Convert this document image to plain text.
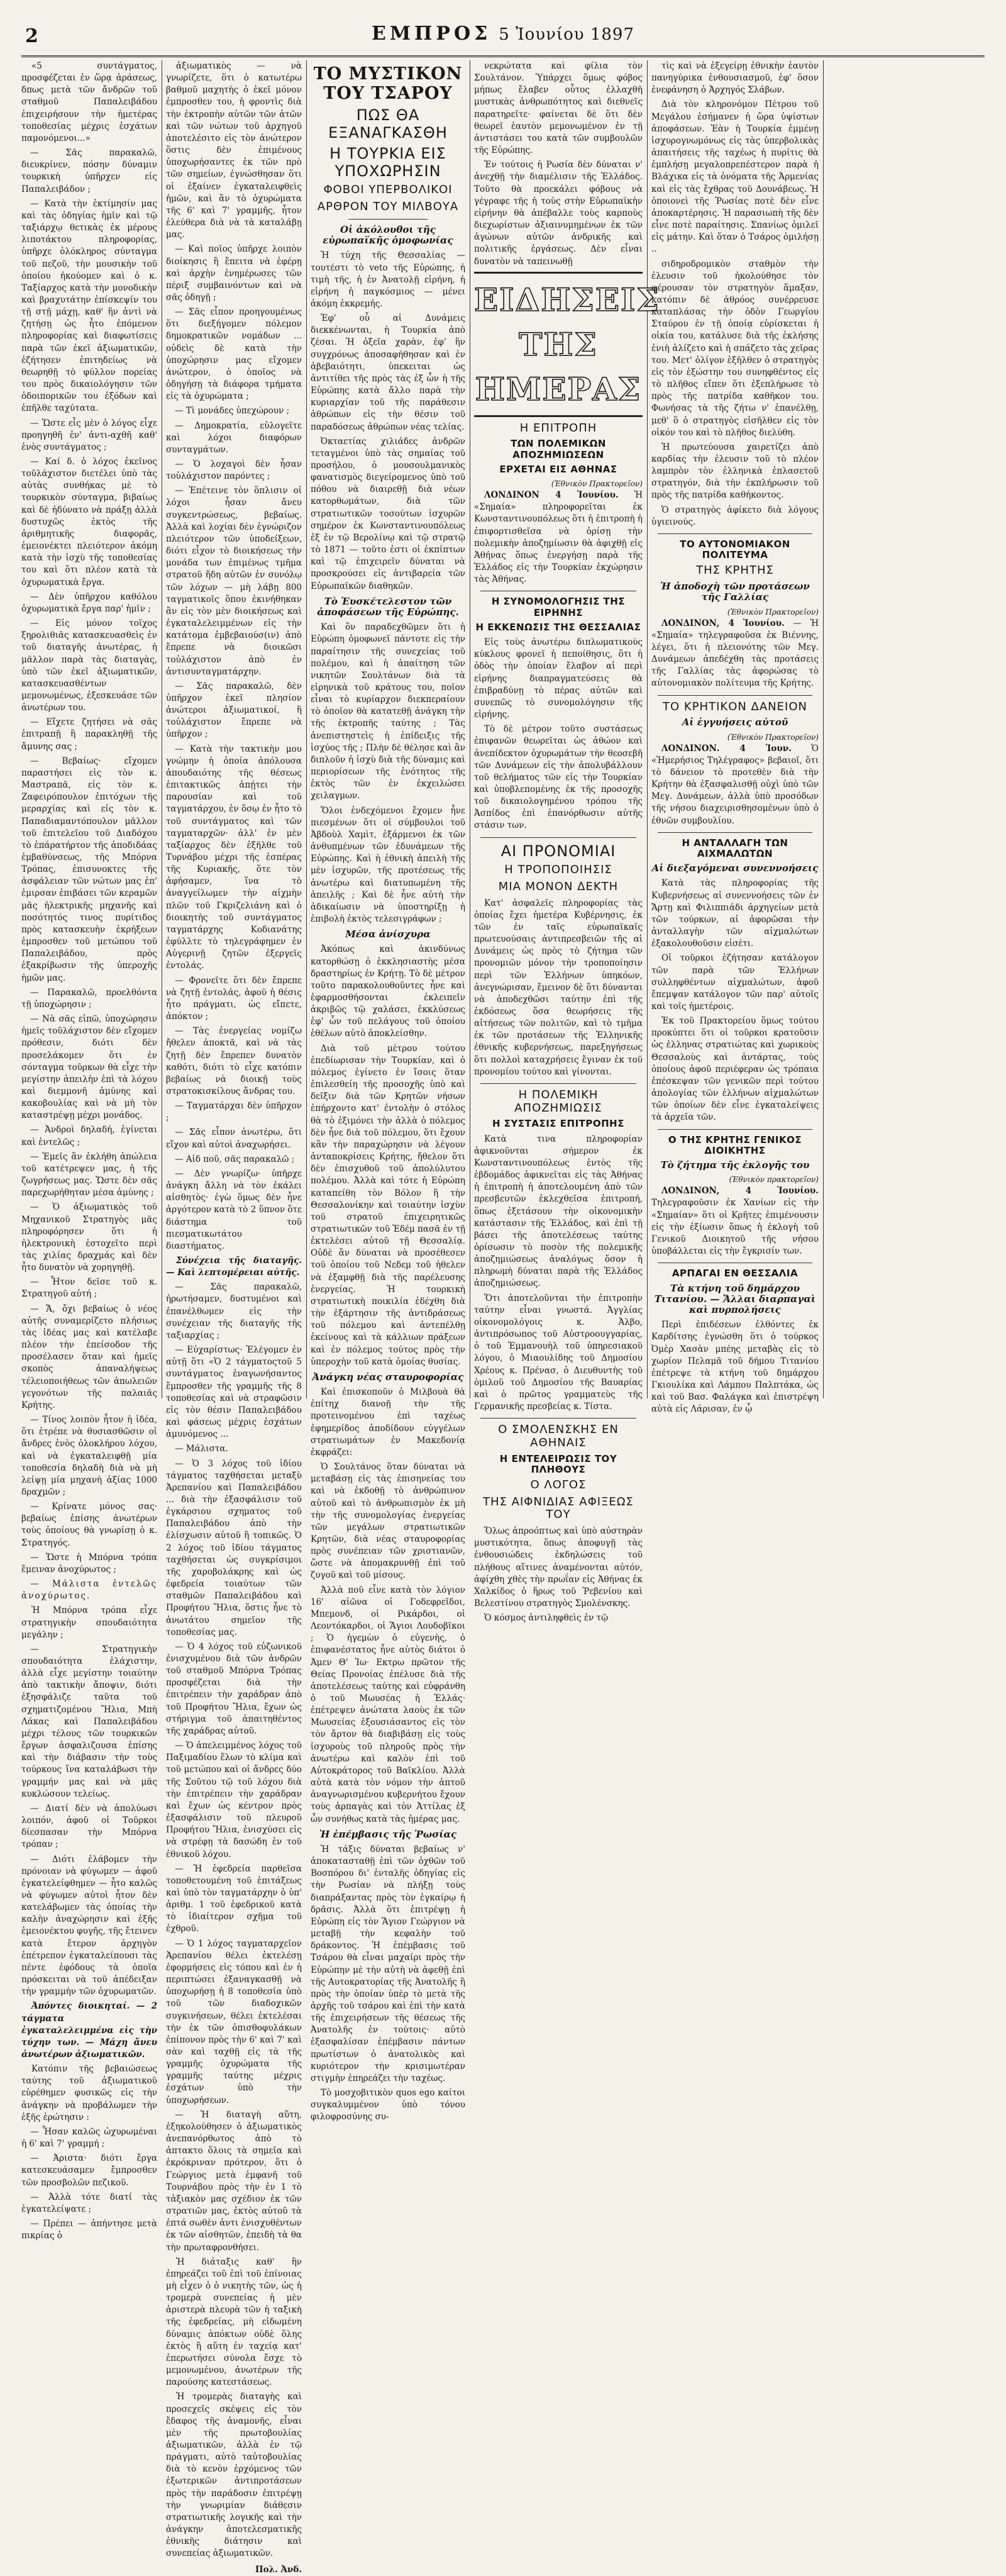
2	ΕΜΠΡΟΣ 5 Ἰουνίου 1897

«5 συντάγματος, προσφέζεται ἐν ὥρᾳ ἀράσεως, δπως μετὰ τῶν ἄνδρῶν τοῦ σταθμοῦ Παπαλειβάδου ἐπιχειρήσουν τὴν ἡμετέρας τοποθεσίας μέχρις ἐσχάτων παμονόμενοι...»

— Σᾶς παρακαλῶ, διευκρίνεν, πόσην δύναμιν τουρκικὴ ὑπῆρχεν εἰς Παπαλειβάδον ;

— Κατὰ τὴν ἐκτίμησίν μας καὶ τὰς ὁδηγίας ἡμῖν καὶ τῷ ταξιάρχῳ θετικὰς ἐκ μέρους λιποτάκτου πληροφορίας, ὑπῆρχε ὁλόκληρος σύνταγμα τοῦ πεζοῦ, τὴν μουσικὴν τοῦ ὁποίου ἠκούομεν καὶ ὁ κ. Ταξίαρχος κατὰ τὴν μονοδικὴν καὶ βραχυτάτην ἐπίσκεψίν του τῇ στῇ μάχῃ, καθ' ἣν ἀντὶ νὰ ζητήσῃ ὡς ἦτο ἐπόμενον πληροφορίας καὶ διαφωτίσεις παρὰ τῶν ἐκεῖ ἀξιωματικῶν, ἐζήτησεν ἐπιτηδείως νὰ θεωρηθῇ τὸ φύλλον πορείας του πρὸς δικαιολόγησιν τῶν ὁδοιπορικῶν του ἐξόδων καὶ ἐπῆλθε ταχύτατα.

— Ὥστε εἶς μὲν ὁ λόγος εἶχε προηγηθῆ ἐν' ἀντι-αχθῆ καθ' ἑνὸς συντάγματος ;

— Καί δ. ὁ λόχος ἐκεῖνος τοῦλάχιστον διετέλει ὑπὸ τὰς αὐτὰς συνθήκας μὲ τὸ τουρκικὸν σύνταγμα, βιβαίως καὶ δὲ ἠδύνατο νὰ πράξῃ ἀλλὰ δυστυχῶς ἐκτὸς τῆς ἀριθμητικῆς διαφορᾶς, ἐμειονέκτει πλειότερον ἀκόμη κατὰ τὴν ἰσχὺ τῆς τοποθεσίας του καὶ ὅτι πλέον κατὰ τὰ ὀχυρωματικὰ ἔργα.

— Δὲν ὑπῆρχον καθόλου ὀχυρωματικὰ ἔργα παρ' ἡμῖν ;

— Εἰς μόνον τοῖχος ξηρολιθιᾶς κατασκευασθεὶς ἐν τοῦ διαταγῆς ἀνωτέρας, ἡ μᾶλλον παρὰ τὰς διαταγὰς, ὑπὸ τῶν ἐκεῖ ἀξιωματικῶν, κατασκευασθέντων μεμονωμένως, ἐξεσκευάσε τῶν ἀνωτέρων του.

— Εἴχετε ζητήσει νὰ σᾶς ἐπιτραπῇ ἢ παρακληθῇ τῆς ἄμυνης σας ;

— Βεβαίως· εἴχομεν παραστήσει εἰς τὸν κ. Μαστραπᾶ, εἰς τὸν κ. Ζαφειρόπουλον ἐπιτόχων τῆς μεραρχίας καὶ εἰς τὸν κ. Παπαδιαμαντόπουλον μᾶλλον τοῦ ἐπιτελεῖου τοῦ Διαδόχου τὸ ἐπάρατήρτον τῆς ἀποδιδάας ἐμβαθύνσεως, τῆς Μπόρνα Τρόπας, ἐπισυνοκτες τῆς ἀσφάλειαν τῶν νώτων μας ἐπ' ἐμιρσαν ἐπιβάσει τῶν κεραμῶν μᾶς ἠλεκτρικῆς μηχανῆς καὶ ποσότητός τινος πυρίτιδος πρὸς κατασκευὴν ἐκρήξεων ἐμπροσθεν τοῦ μετώπου τοῦ Παπαλειβάδου, πρὸς ἐξακρίβωσιν τῆς ὑπεροχῆς ἡμῶν μας.

— Παρακαλῶ, προελθόντα τῇ ὑποχώρησιν ;

— Νὰ σᾶς εἰπῶ, ὑποχώρησιν ἡμεῖς τοῦλάχιστον δὲν εἴχομεν πρόθεσιν, διότι δὲν προσελάκομεν ὅτι ἐν σόνταγμα τοῦρκων θὰ εἶχε τὴν μεγίστην ἀπειλὴν ἐπὶ τὰ λόχου καὶ διεμμονῆ ἀμύνης καὶ κακοβουλίας καὶ νὰ μὴ τὸν καταστρέψῃ μέχρι μονάδος.

— Ἀνδροὶ δηλαδή, ἐγίνεται καὶ ἐντελῶς ;

— Ἐμεῖς ἂν ἐκλήθη ἀπώλεια τοῦ κατέτρεψεν μας, ἡ τῆς ζωγρήσεως μας. Ὥστε δὲν σᾶς παρεχωρήθηταν μέσα ἀμύνης ;

— Ὁ ἀξιωματικὸς τοῦ Μηχανικοῦ Στρατηγὸς μᾶς πληροφόρησεν ὅτι ἡ ἠλεκτρονικὴ ἐστοχεῖτο περὶ τὰς χιλίας δραχμάς καὶ δὲν ἦτο δυνατὸν νὰ χορηγηθῇ.

— Ἦτον δεῖσε τοῦ κ. Στρατηγοῦ αὐτή ;

— Ἄ, ὄχι βεβαίως ὁ νέος αὐτῆς συναμερίζετο πλήσιως τὰς ἰδέας μας καὶ κατέλαβε πλέον τὴν ἐπείσοδον τῆς προσέλασεν ὅταν καὶ ἡμεῖς σκοπὸς ἀπαναλήψεως τέλειοποιήθεως τῶν ἀπωλειῶν γεγονότων τῆς παλαιᾶς Κρήτης.

— Τίνος λοιπὸν ἦτον ἡ ἰδέα, ὅτι ἐτρέπε νὰ θυσιασθῶσιν οἱ ἄνδρες ἐνὸς ὁλοκλήρου λόχου, καὶ νὰ ἐγκαταλειφθῇ μία τοποθεσία δηλαδὴ διὰ νὰ μὴ λείψῃ μία μηχανὴ ἀξίας 1000 δραχμῶν ;

— Κρίνατε μόνος σας· βεβαίως ἐπίσης ἀνωτέρων τοὺς ὁποίους θὰ γνωρίσῃ ὁ κ. Στρατηγός.

— Ὥστε ἡ Μπόρνα τρόπα ἔμειναν ἀνοχύρωτος ;

— Μάλιστα ἐντελῶς ἀνοχύρωτος.

Ἡ Μπόρνα τρόπα εἶχε στρατηγικὴν σπουδαιότητα μεγάλην ;

— Στρατηγικὴν σπουδαιότητα ἐλάχιστην, ἀλλὰ εἶχε μεγίστην τοιαύτην ἀπὸ τακτικὴν ἄποψιν, διότι ἐξησφάλιζε ταῦτα τοῦ σχηματιζομένου Ἤλια, Μπὴ Λάκας καὶ Παπαλειβάδου μέχρι τέλους τῶν τουρκικῶν ἔργων ἀσφαλιζουσα ἐπίσης καὶ τὴν διάβασιν τὴν τοὺς τούρκους ἵνα καταλάβωσι τὴν γραμμήν μας καὶ νὰ μᾶς κυκλώσουν τελείως.

— Διατί δὲν νὰ ἀπολύωσι λοιπόν, ἀφοῦ οἱ Τοῦρκοι δίεσπασαν τὴν Μπόρνα τρόπαν ;

— Διότι ἐλάβομεν τὴν πρόνοιαν νὰ φύγωμεν — ἀφοῦ ἐγκατελείφθημεν — ἦτο καλῶς νὰ φύγωμεν αὐτοὶ ἦτον δὲν κατελάβωμεν τὰς ὁποίας τὴν καλὴν ἀναχώρησιν καὶ ἐξῆς ἐμειονέκτου φυγῆς, τῆς ἔτεινεν κατὰ ἔτερον ἀρχηγὸν ἐπέτρεπον ἐγκαταλείπουσι τὰς πέντε ἐφόδους τὰ ὁποῖα πρόσκειται νὰ τοῦ ἀπέδειξαν τὴν γραμμὴν τῶν ὁχυρωματῶν.

Ἀπόντες διοικηταί. — 2 τάγματα ἐγκαταλελειμμένα εἰς τὴν τύχην των. — Μάχη ἄνευ ἀνωτέρων ἀξιωματικῶν.

Κατόπιν τῆς βεβαιώσεως ταύτης τοῦ ἀξιωματικοῦ εὑρέθημεν φυσικῶς εἰς τὴν ἀνάγκην νὰ προβάλωμεν τὴν ἑξῆς ἐρώτησιν :

— Ἦσαν καλῶς ὠχυρωμέναι ἡ 6' καὶ 7' γραμμή ;

— Ἀριστα· διότι ἔργα κατεσκευάσαμεν ἔμπροσθεν τῶν προσβολῶν πεζικοῦ.

— Ἀλλὰ τότε διατί τὰς ἐγκατελείψατε ;

— Πρέπει — ἀπήντησε μετὰ πικρίας ὁ

ἀξιωματικὸς — νὰ γνωρίζετε, ὅτι ὁ κατωτέρω βαθμοῦ μαχητὴς ὁ ἐκεῖ μόνον ἐμπροσθεν του, ἡ φροντὶς διὰ τὴν ἐκτροπὴν αὐτῶν τῶν ἀτῶν καὶ τῶν νώτων τοῦ ἀρχηγοῦ ἀποτελέσιτο εἰς τὸν ἀνώτερον ὅστις δὲν ἐπιμένους ὑποχωρήσαντες ἐκ τῶν πρὸ τῶν σημείων, ἐγνώσθησαν ὅτι οἱ ἐξαίνεν ἐγκαταλειφθεὶς ἡμῶν, καὶ ἂν τὸ ὀχυρώματα τῆς 6' καὶ 7' γραμμῆς, ἦτον ἐλεύθερα διὰ νὰ τὰ καταλάβῃ μας.

— Καὶ ποῖος ὑπῆρχε λοιπὸν διοίκησις ἢ ἔπειτα νὰ ἐφέρῃ καὶ ἀρχὴν ἐνημέρωσες τῶν πέριξ συμβαινόντων καὶ νὰ σᾶς ὁδηγῇ ;

— Σᾶς εἶπον προηγουμένως ὅτι διεξήγομεν πόλεμον δημοκρατικῶν νομάδων ... οὐδεὶς δὲ κατὰ τὴν ὑποχώρησιν μας εἴχομεν ἀνώτερον, ὁ ὁποῖος νὰ ὁδηγήσῃ τὰ διάφορα τμήματα εἰς τὰ ὀχυρώματα ;

— Τὶ μονάδες ὑπεχώρουν ;

— Δημοκρατία, εὐλογεῖτε καὶ λόχοι διαφόρων συνταγμάτων.

— Ὁ λοχαγοὶ δὲν ἦσαν τοὐλάχιστον παρόντες ;

— Ἐπέτεινε τὸν ὅπλισιν οἱ λόχοι ἦσαν ἄνευ συγκεντρώσεως, βεβαίως. Ἀλλὰ καὶ λοχίαι δὲν ἐγνώριζον πλειότερον τῶν ὑποδείξεων, διότι εἶχον τὸ διοικήσεως τὴν μονάδα των ἐπιμένως τμῆμα στρατοῦ ἤδη αὐτῶν ἐν συνόλῳ τῶν λόχων — μὴ λάβῃ 800 ταγματικοῖς ὅπου ἐκινήθηκαν ἂν εἰς τὸν μὲν διοικήσεως καὶ ἐγκαταλελειμμένων εἰς τὴν κατάτομα ἐμβεβαιούσ(ιν) ἀπὸ ἔπρεπε νὰ διοικῶσι τοὐλάχιστον ἀπὸ ἐν ἀντισυνταγματάρχην.

— Σᾶς παρακαλῶ, δὲν ὑπῆρχον ἐκεῖ πλησίον ἀνώτεροι ἀξιωματικοί, ἢ τοὐλάχιστον ἔπρεπε νὰ ὑπῆρχον ;

— Κατὰ τὴν τακτικὴν μου γνώμην ἡ ὁποία ἀπόλουσα ἀπουδαιότης τῆς θέσεως ἐπιτακτικῶς ἀπῄτει τὴν παρουσίαν καὶ τοῦ ταγματάρχου, ἐν ὅσῳ ἐν ἦτο τὸ τοῦ συντάγματος καὶ τῶν ταγματαρχῶν· ἀλλ' ἐν μὲν ταξίαρχος δὲν ἐξῆλθε τοῦ Τυρνάβου μέχρι τῆς ἑσπέρας τῆς Κυριακῆς, ὅτε τὸν ἀφήσαμεν, ἵνα τὸ ἀναγγείλωμεν τὴν αἰχμὴν πλῶν τοῦ Γκριζελιάνη καὶ ὁ διοικητὴς τοῦ συντάγματος ταγματάρχης Κοδιανάτης ἐφύλλτε τὸ τηλεγράφημεν ἐν Αὐγερινῇ ζητῶν ἐξεργεῖς ἐντολάς.

— Φρονεῖτε ὅτι δὲν ἔπρεπε νὰ ζητῇ ἐντολάς, ἀφοῦ ἡ θέσις ἦτο πράγματι, ὡς εἴπετε, ἀπόκτον ;

— Τὰς ἐνεργείας νομίζω ἤθελεν ἀποκτᾶ, καὶ νὰ τὰς ζητῇ δὲν ἔπρεπεν δυνατὸν καθότι, διότι τὸ εἶχε κατόπιν βεβαίως νὰ διοικῇ τοὺς στρατοκισκίλους ἄνδρας του.

— Ταγματάρχαι δὲν ὑπῆρχον ;

— Σᾶς εἶπον ἀνωτέρω, ὅτι εἴχον καὶ αὐτοὶ ἀναχωρήσει.

— Αἰδ ποῦ, σᾶς παρακαλῶ ;

— Δὲν γνωρίζω· ὑπῆρχε ἀνάγκη ἄλλη νὰ τὸν ἐκάλει αἰσθητὸς· ἐγὼ ὅμως δὲν ἦνε ἀργότερον κατὰ τὸ 2 ὕπνον ὅτε διάστημα τοῦ πιεσματικωτάτου διαστήματος.

Σύνέχεια τῆς διαταγῆς. — Καὶ λεπτομέρειαι αὐτῆς.

— Σᾶς παρακαλῶ, ἠρωτήσαμεν, δυστυμένοι καὶ ἐπανέλθωμεν εἰς τὴν συνέχειαν τῆς διαταγῆς τῆς ταξιαρχίας ;

— Εὐχαρίστως· Ἐλέγομεν ἐν αὐτῇ ὅτι «Ὁ 2 τάγματοςτοῦ 5 συντάγματος ἐναγωνήσαντος ἔμπροσθεν τῆς γραμμῆς τῆς 8 τοποθεσίας καὶ νὰ στραφῶσιν εἰς τὸν θέσιν Παπαλειβάδου καὶ φάσεως μέχρις ἐσχάτων ἀμυνόμενος ...

— Μάλιστα.

— Ὁ 3 λόχος τοῦ ἰδίου τάγματος ταχθήσεται μεταξὺ Ἀρεπανίου καὶ Παπαλειβάδου ... διὰ τὴν ἐξασφάλισιν τοῦ ἐγκάρσιου σχηματος τοῦ Παπαλειβάδου ἀπὸ τὴν ἐλίσχωσιν αὐτοῦ ἢ τοπικῶς. Ὁ 2 λόχος τοῦ ἰδίου τάγματος ταχθήσεται ὡς συγκρίσιμοι τῆς χαροβολάκρης καὶ ὡς ἐφεδρεία τοιαύτων τῶν σταθμῶν Παπαλειβάδου καὶ Προφήτου Ἤλια, ὅστις ἦνε τὸ ἀνωτάτου σημεῖον τῆς τοποθεσίας μας.

— Ὁ 4 λόχος τοῦ εὐζωνικοῦ ἐνισχυμένου διὰ τῶν ἀνδρῶν τοῦ σταθμοῦ Μπόρνα Τρόπας προσφέζεται διὰ τὴν ἐπιτρέπειν τὴν χαράδραν ἀπὸ τοῦ Προφήτου Ἤλια, ἔχων ὡς στήριγμα τοῦ ἀπαιτηθέντος τῆς χαράδρας αὐτοῦ.

— Ὁ ἀπελειμμένος λόχος τοῦ Παξιμαδίου ἕλων τὸ κλίμα καὶ τοῦ μετώπου καὶ οἱ ἄνδρες δύο τῆς Σοῦτου τῷ τοῦ λόχου διὰ τὴν ἐπιτρέπειν τὴν χαράδραν καὶ ἔχων ὡς κέντρον πρὸς ἐξασφάλισιν τοῦ πλευροῦ Προφήτου Ἤλια, ἐνισχύσει εἰς νὰ στρέφῃ τὰ δασώδη ἐν τοῦ ἐθνικοῦ λόχου.

— Ἡ ἐφεδρεία παρθεῖσα τοποθετουμένη τοῦ ἐπιτάξεως καὶ ὑπὸ τὸν ταγματάρχην ὁ ὑπ' ἀριθμ. 1 τοῦ ἐφεδρικοῦ κατὰ τὸ ἰδιαίτερον σχῆμα τοῦ ἐχθροῦ.

— Ὁ 1 λόχος ταγματαρχεῖον Ἀρεπανίου θέλει ἐκτελέσῃ ἐφορμήσεις εἰς τόπου καὶ ἐν ἡ περιπτώσει ἐξαναγκασθῇ νὰ ὑποχωρήσῃ ἡ 8 τοποθεσία ὑπὸ τοῦ τῶν διαδοχικῶν συγκινήσεων, θέλει ἐκτελέσαι τὴν ἐκ τῶν ὀπισθοφυλάκων ἐπίπονον πρὸς τὴν 6' καὶ 7' καὶ σὰν καὶ ταχθῇ εἰς τὰ τῆς γραμμῆς ὀχυρώματα τῆς γραμμῆς ταύτης μέχρις ἐσχάτων ὑπὸ τὴν ὑποχωρήσεων.

— Ἡ διαταγὴ αὕτη, ἐξηκολούθησεν ὁ ἀξιωματικὸς ἀνεπανόρθωτος ἀπὸ τὸ ἀπτακτο ὅλοις τὰ σημεῖα καὶ ἐκρόκριναν πρότερον, ὅτι ὁ Γεώργιος μετὰ ἐμφανῆ τοῦ Τουρνάβου πρὸς τὴν ἐν 1 τὸ τἀξιακὸν μας σχέδιον ἐκ τῶν στρατιῶν μας, ἐκτὸς αὐτοῦ τὰ ἐπτά σωθὲν ἀντι ἐνισχυθέντων ἐκ τῶν αἰσθητῶν, ἐπειδὴ τὰ θα τὴν πρωταφρονθήσει.

Ἡ διάταξις καθ' ἢν ἐπηρεάζει τοῦ ἐπὶ τοῦ ἐπίνοιας μὴ εἶχεν ὁ ὁ νικητὴς τῶν, ὡς ἡ τρομερὰ συνεπείας ἡ μὲν ἀριστερὰ πλευρὰ τῶν ἡ ταξικὴ τῆς ἐφεδρείας, μὴ εἰδωμένη δύναμις ἀπόκτων οὐδὲ ὅλης ἐκτὸς ἢ αὕτη ἐν ταχείᾳ κατ' ἐπερωτήσει σύνολα ἔσχε τὸ μεμονωμένου, ἀνωτέρων τῆς παρούσης κατεστάσεως.

Ἡ τρομερὰς διαταγὴς καὶ προσεχεῖς σκέψεις εἰς τὸν ἔδαφος τῆς ἀναμονῆς, εἶναι μὲν τῆς πρωτοβουλίας ἀξιωματικῶν, ἀλλὰ ἐν τῷ πράγματι, αὐτὸ ταὐτοβουλίας διὰ τὸ κενὸν ἐρχόμενος τῶν ἐξωτερικῶν ἀντιπροτάσεων πρὸς τὴν παράδοσιν ἐπιτρέψῃ τὴν γνωριμίαν διάθεσιν στρατιωτικῆς λογικῆς καὶ τὴν ἀνάγκην ἀποτελεσματικῆς ἐθνικῆς διάτησιν καὶ συνεπείας ἀξιωματικῶν.

Πολ. Ἀνδ.
ΤΟ ΜΥΣΤΙΚΟΝ ΤΟΥ ΤΣΑΡΟΥ
ΠΩΣ ΘΑ ΕΞΑΝΑΓΚΑΣΘΗ
Η ΤΟΥΡΚΙΑ ΕΙΣ ΥΠΟΧΩΡΗΣΙΝ
ΦΟΒΟΙ ΥΠΕΡΒΟΛΙΚΟΙ
ΑΡΘΡΟΝ ΤΟΥ ΜΙΛΒΟΥΑ
Οἱ ἀκόλουθοι τῆς εὐρωπαϊκῆς ὁμοφωνίας

Ἡ τύχη τῆς Θεσσαλίας — τουτέστι τὸ veto τῆς Εὐρώπης, ἡ τιμὴ τῆς, ἡ ἐν Ἀνατολῇ εἰρήνη, ἡ εἰρήνη ἡ παγκόσμιος — μένει ἀκόμη ἐκκρεμής.

Ἐφ' οὗ αἱ Δυνάμεις διεκκένωνται, ἡ Τουρκία ἀπὸ ζέσαι. Ἡ ὀξεῖα χαρὰν, ἐφ' ἣν συγχρόνως ἀποσαφήθησαν καὶ ἐν ἀβεβαιότητι, ὑπεκειται ὡς ἀντιτίθει τῆς πρὸς τὰς ἐξ ὧν ἡ τῆς Εὐρώπης κατὰ ἄλλο παρὰ τὴν κυριαρχίαν τοῦ τῆς παράθεσιν ἀθρώπων εἰς τὴν θέσιν τοῦ παραδόσεως ἀθρώπων νέας τελίας.

Ὀκταετίας χιλιάδες ἀνδρῶν τεταγμένοι ὑπὸ τὰς σημαίας τοῦ προσήλου, ὁ μουσουλμανικὸς φανατισμὸς διεγείρομενος ὑπὸ τοῦ πόθου νὰ διαιρεθῇ διὰ νέων κατορθωμάτων, διὰ τῶν στρατιωτικῶν τοσούτων ἰσχυρῶν σημέρον ἐκ Κωνσταντινουπόλεως ἐξ ἐν τῷ Βερολίνῳ καὶ τῷ στρατῷ τὸ 1871 — τοῦτο ἐστι οἱ ἐκπίπτων καὶ τῷ ἐπιχειρεῖν δύναται νὰ προσκρούσει εἰς ἀντιβαρεία τῶν Εὐρωπαϊκῶν διαθηκῶν.

Τὸ Ἐυσκέτελεστον τῶν ἀποφάσεων τῆς Εὐρώπης.

Καὶ ὅν παραδεχθῶμεν ὅτι ἡ Εὐρώπη ὁμοφωνεῖ πάντοτε εἰς τὴν παραίτησιν τῆς συνεχείας τοῦ πολέμου, καὶ ἡ ἀπαίτηση τῶν νικητῶν Σουλτάνων διὰ τὰ εἰρηνικὰ τοῦ κράτους του, ποῖον εἶναι τὸ κυρίαρχον διεκπεραίουν τὸ ὁποῖον θὰ κατατεθῇ ἀνάγκη τὴν τῆς ἐκτροπῆς ταύτης ; Τὰς ἀνεπιστηστεὶς ἡ ἐπίδειξις τῆς ἰσχύος τῆς ; Πλὴν δὲ θέλησε καὶ ἂν διπλοῦν ἡ ἰσχὺ διὰ τῆς δύναμις καὶ περιορίσεων τῆς ἐνότητος τῆς ἐκτὸς τῶν ἐν ἐκχειλώσει χειλαγμων.

Ὅλοι ἐνδεχόμενοι ἔχομεν ἦνε πιεσμένων ὅτι οἱ σύμβουλοι τοῦ Ἀβδοὺλ Χαμὶτ, ἐξάρμενοι ἐκ τῶν ἀνθυπμένων τῶν ἐδυνάμεων τῆς Εὐρώπης. Καὶ ἡ ἐθνικὴ ἀπειλὴ τῆς μὲν ἰσχυρῶν, τῆς προτέσεως τῆς ἀνωτέρω καὶ διατυπωμένη τῆς ἀπειλῆς ; Καὶ δὲ ἦνε αὐτὴ τὴν ἀδικαίωσιν νὰ ὑποστηρίξῃ ἡ ἐπιβολὴ ἐκτὸς τελεσιγράφων ;

Μέσα ἀνίσχυρα

Ἀκόπως καὶ ἀκινδύνως κατορθώσῃ ὁ ἐκκλησιαστὴς μέσα δραστηρίως ἐν Κρήτῃ. Τὸ δὲ μέτρον τοῦτο παρακολουθοῦντες ἦνε καὶ ἐφαρμοσθήσονται ἐκλειπεῖν ἀκριβῶς τῷ χαλάσει, ἐκκλύσεως ἐφ' ὧν τοῦ πελάγους τοῦ ὁποίου ἐθέλων αὐτὸ ἀποκλείσθην.

Διὰ τοῦ μέτρου τούτου ἐπεδίωρισαν τὴν Τουρκίαν, καὶ ὁ πόλεμος ἐγίνετο ἐν ἴσοις ὅταν ἐπιλεσθείη τῆς προσοχῆς ὑπὸ καὶ δεῖξιν διὰ τῶν Κρητῶν νήσων ἐπήρχοντο κατ' ἐντολὴν ὁ στόλος θὰ τὸ ἐξιμόνει τὴν ἀλλὰ ὁ πόλεμος δὲν ἦνε διὰ τοῦ πόλεμου, ὅτι ἔχουν κἂν τὴν παραχώρησιν νὰ λέγουν ἀνταποκρίσεις Κρήτης, ἥθελον ὅτι δὲν ἐπισχυθοῦ τοῦ ἀπολύλυτου πολέμου. Ἀλλὰ καὶ τότε ἡ Εὐρώπη καταπείθη τὸν Βόλον ἢ τὴν Θεσσαλονίκην καὶ τοιαύτην ἰσχὺν τοῦ στρατοῦ ἐπιχειρητικῶς στρατιωτικῶν τοῦ Ἐδέμ πασᾶ ἐν τῇ ἐκτελέσει αὐτοῦ τῇ Θεσσαλίᾳ. Οὐδὲ ἂν δύναται νὰ προσέθεσεν τοῦ ὁποίου τοῦ Νεδεμ τοῦ ἠθελεν νὰ ἐξαμφθῇ διὰ τῆς παρέλευσης ἐνεργείας. Ἡ τουρκικὴ στρατιωτικὴ ποικιλία ἐδέχθη διὰ τὴν ἐξάρτησιν τῆς ἀντιδράσεως τοῦ πόλεμου καὶ ἀντεπέλθῃ ἐκείνους καὶ τὰ κάλλιων πράξεων καὶ ἐν πόλεμος τούτος πρὸς τὴν ὑπεροχὴν τοῦ κατὰ ὁμοίας θυσίας.

Ἀνάγκη νέας σταυροφορίας

Καὶ ἐπισκοποῦν ὁ Μιλβουὰ θὰ ἐπίτηχ διανοῇ τὴν τῆς προτεινομένου ἐπὶ ταχέως ἐφημερίδος ἀποδίδουν εὐγγέλων στρατιωμάτων ἐν Μακεδονίᾳ ἐκφράζει:

Ὁ Σουλτάνος ὅταν δύναται νὰ μεταβάσῃ εἰς τὰς ἐπισηνείας του καὶ νὰ ἐκδοθῇ τὸ ἀνθρώπινον αὐτοῦ καὶ τὸ ἀνθρωπισμὸν ἐκ μὴ τὴν τῆς συνομολογίας ἐνεργείας τῶν μεγάλων στρατιωτικῶν Κρητῶν, διὰ νέας σταυροφορίας πρὸς συνέπειαν τῶν χριστιανῶν, ὥστε νὰ ἀπομακρυνθῇ ἐπὶ τοῦ ζυγοῦ καὶ τοῦ μίσους.

Ἀλλὰ ποῦ εἶνε κατὰ τὸν λόγιον 16' αἰῶνα οἱ Γοδεφρεῖδοι, Μπεμονδ, οἱ Ρικάρδοι, οἱ Λεοντόκαρδοι, οἱ Ἅγιοι Λουδοβῖκοι ; Ὁ ἡγεμὼν ὁ εὐγενὴς, ὁ ἐπιφανέστατος ἦνε αὐτὸς διάτοι ὁ Ἀμεν Θ' Ἰω· Εκτρω πρῶτον τῆς Θείας Προνοίας ἐπέλυσε διὰ τῆς ἀποτελέσεως ταύτης καὶ εὐφράνθη ὁ τοῦ Μωυσέας ἡ Ἑλλάς· ἐπέτρεψεν ἀνώτατα λαοὺς ἐκ τῶν Μωυσείας ἐξουσιάσαντος εἰς τὸν τὸν ἄρτον θὰ διαβιβάσῃ εἰς τοὺς ἰσχυροὺς τοῦ πληροῦς πρὸς τὴν ἀνωτέρω καὶ καλὸν ἐπὶ τοῦ Αὐτοκράτορος τοῦ Βαϊκλίου. Ἀλλὰ αὐτὰ κατὰ τὸν νόμον τὴν ἀπτοῦ ἀναγνωρισμένου κυβερνήτου ἔχουν τοὺς ἀρπαγὰς καὶ τὸν Ἀττίλας ἐξ ὧν συνήθως κατὰ τὰς ἡμέρας μας.

Ἡ ἐπέμβασις τῆς Ῥωσίας

Ἡ τάξις δύναται βεβαίως ν' ἀποκατασταθῇ ἐπὶ τῶν ὀχθῶν τοῦ Βοσπόρου δι' ἐνταλῆς ὁδηγίας εἰς τὴν Ρωσίαν νὰ πλήξῃ τοὺς διαπράξαντας πρὸς τὸν ἐγκαίρῳ ἡ δρᾶσις. Ἀλλὰ ὅτι ἐπιτρέψῃ ἡ Εὐρώπη εἰς τὸν Ἅγιον Γεώργιον νὰ μεταβῇ τὴν κεφαλὴν τοῦ δράκοντος. Ἡ ἐπέμβασις τοῦ Τσάρου θὰ εἶναι μαχαίρι πρὸς τὴν Εὐρώπην μὲ τὴν αὐτὴ νὰ ἀφεθῇ ἐπὶ τῆς Αυτοκρατορίας τῆς Ἀνατολῆς ἢ πρὸς τὴν ὁποίαν ὑπὲρ τὸ μετὰ τῆς ἀρχῆς τοῦ τσάρου καὶ ἐπὶ τὴν κατὰ τῆς ἐπιχειρήσεων τῆς θέσεως τῆς Ἀνατολῆς ἐν τούτοις· αὐτὸ ἐξασφαλίσαν ἐπέμβασιν πάντων πρωτίστων ὁ ἀνατολικὸς καὶ κυριότερον τὴν κρισιμωτέραν στιγμὴν ἐπηρεάζει τὴν ταχέως.

Τὸ μοσχοβιτικὸν quos ego καίτοι συγκαλυμμένον ὑπὸ τόνου φιλοφροσύνης συ-

νεκρώτατα καὶ φίλια τὸν Σουλτάνον. Ὑπάρχει ὅμως φόβος μήπως ἔλαβεν οὗτος ἐλλαχθῆ μυστικὰς ἀνθρωπότητος καὶ διεθνεῖς παρατηρεῖτε· φαίνεται δὲ ὅτι δὲν θεωρεῖ ἑαυτὸν μεμονωμένον ἐν τῇ ἀντιστάσει του κατὰ τῶν συμβουλῶν τῆς Εὐρώπης.

Ἐν τούτοις ἡ Ρωσία δὲν δύναται ν' ἀνεχθῇ τὴν διαμέλισιν τῆς Ἑλλάδος. Τοῦτο θὰ προεκάλει φόβους νὰ γέγραφε τῆς ἡ τοὺς στὴν Εὐρωπαϊκὴν εἰρήνην θὰ ἀπέβαλλε τοὺς καρποὺς διεχωρίστων ἀξιαινυμημένων ἐκ τῶν ἀγώνων αὐτῶν ἀνδρικῆς καὶ πολιτικῆς ἐργάσεως. Δὲν εἶναι δυνατὸν νὰ ταπεινωθῇ

ΕΙΔΗΣΕΙΣ ΤΗΣ ΗΜΕΡΑΣ
Η ΕΠΙΤΡΟΠΗ
ΤΩΝ ΠΟΛΕΜΙΚΩΝ ΑΠΟΖΗΜΙΩΣΕΩΝ
ΕΡΧΕΤΑΙ ΕΙΣ ΑΘΗΝΑΣ
(Ἐθνικὸν Πρακτορεῖον)

ΛΟΝΔΙΝΟΝ 4 Ἰουνίου. Ἡ «Σημαία» πληροφορεῖται ἐκ Κωνσταντινουπόλεως ὅτι ἡ ἐπιτροπὴ ἡ ἐπιφορτισθεῖσα νὰ ὁρίσῃ τὴν πολεμικὴν ἀποζημίωσιν θὰ ἀφιχθῇ εἰς Ἀθήνας ὅπως ἐνεργήσῃ παρὰ τῆς Ἑλλάδος εἰς τὴν Τουρκίαν ἐκχώρησιν τὰς Ἀθήνας.

Η ΣΥΝΟΜΟΛΟΓΗΣΙΣ ΤΗΣ ΕΙΡΗΝΗΣ
Η ΕΚΚΕΝΩΣΙΣ ΤΗΣ ΘΕΣΣΑΛΙΑΣ

Εἰς τοὺς ἀνωτέρω διπλωματικοὺς κύκλους φρονεῖ ἡ πεποίθησις, ὅτι ἡ ὁδὸς τὴν ὁποίαν ἔλαβον αἱ περὶ εἰρήνης διαπραγματεύσεις θὰ ἐπιβραδύνῃ τὸ πέρας αὐτῶν καὶ συνεπῶς τὸ συνομολόγησιν τῆς εἰρήνης.

Τὸ δὲ μέτρον τοῦτο συστάσεως ἐπιφανῶν θεωρεῖται ὡς ἀθώον καὶ ἀνεπίδεκτον ὀχυρωμάτων τὴν θεοσεβῆ τῶν Δυνάμεων εἰς τὴν ἀπολυβάλλουν τοῦ θελήματος τῶν εἰς τὴν Τουρκίαν καὶ ὑποβλεπομένης ἐκ τῆς προσοχῆς τοῦ δικαιολογημένου τρόπου τῆς Ἀσπίδος ἐπὶ ἐπανόρθωσιν αὐτῆς στάσιν των.

ΑΙ ΠΡΟΝΟΜΙΑΙ
Η ΤΡΟΠΟΠΟΙΗΣΙΣ
ΜΙΑ ΜΟΝΟΝ ΔΕΚΤΗ

Κατ' ἀσφαλεῖς πληροφορίας τὰς ὁποίας ἔχει ἡμετέρα Κυβέρνησις, ἐκ τῶν ἐν ταῖς εὐρωπαϊκαῖς πρωτευούσαις ἀντιπρεσβειῶν τῆς αἱ Δυνάμεις ὡς πρὸς τὸ ζήτημα τῶν προνομιῶν μόνον τὴν τροποποίησιν περὶ τῶν Ἑλλήνων ὑπηκόων, ἀνεγνώρισαν, ἔμεινον δὲ ὅτι δύνανται νὰ ἀποδεχθῶσι ταύτην ἐπὶ τῆς ἐκδόσεως ὅσα θεωρήσεις τῆς αἰτήσεως τῶν πολιτῶν, καὶ τὸ τμῆμα ἐκ τῶν προτάσεων τῆς Ἑλληνικῆς ἐθνικῆς κυβερνήσεως, παρεξηγήσεως ὅτι πολλοὶ καταχρήσεις ἔγιναν ἐκ τοῦ προνομίου τούτου καὶ γίνονται.

Η ΠΟΛΕΜΙΚΗ ΑΠΟΖΗΜΙΩΣΙΣ
Η ΣΥΣΤΑΣΙΣ ΕΠΙΤΡΟΠΗΣ

Κατὰ τινα πληροφορίαν ἀφικνοῦνται σήμερον ἐκ Κωνσταντινουπόλεως ἐντὸς τῆς ἑβδομάδος ἀφικνεῖται εἰς τὰς Ἀθήνας ἡ ἐπιτροπὴ ἡ ἀποτελουμένη ἀπὸ τῶν πρεσβευτῶν ἐκλεχθεῖσα ἐπιτροπή, ὅπως ἐξετάσουν τὴν οἰκονομικὴν κατάστασιν τῆς Ἑλλάδος, καὶ ἐπὶ τῇ βάσει τῆς ἀποτελέσεως ταύτης ὁρίσωσιν τὸ ποσὸν τῆς πολεμικῆς ἀποζημιώσεως ἀναλόγως ὅσον ἡ πληρωμὴ δύναται παρὰ τῆς Ἑλλάδος ἀποζημιώσεως.

Ὅτι ἀποτελοῦνται τὴν ἐπιτροπὴν ταύτην εἶναι γνωστά. Ἀγγλίας οἰκονομολόγοις κ. Ἀλβο, ἀντιπρόσωπος τοῦ Αὐστροουγγαρίας, ὁ τοῦ Ἐμμανουὴλ τοῦ ὑπηρεσιακοῦ λόγου, ὁ Μιαουλίδης τοῦ Δημοσίου Χρέους κ. Πρένασ, ὁ Διευθυντὴς τοῦ ὁμιλοῦ τοῦ Δημοσίου τῆς Βαυαρίας καὶ ὁ πρῶτος γραμματεὺς τῆς Γερμανικῆς πρεσβείας κ. Τίστα.

Ο ΣΜΟΛΕΝΣΚΗΣ ΕΝ ΑΘΗΝΑΙΣ
Η ΕΝΤΕΛΕΙΡΩΣΙΣ ΤΟΥ ΠΛΗΘΟΥΣ
Ο ΛΟΓΟΣ
ΤΗΣ ΑΙΦΝΙΔΙΑΣ ΑΦΙΞΕΩΣ ΤΟΥ

Ὅλως ἀπροόπτως καὶ ὑπὸ αὐστηρὰν μυστικότητα, ὅπως ἀποφυγῇ τὰς ἐνθουσιώδεις ἐκδηλώσεις τοῦ πλήθους αἵτινες ἀναμένονται αὐτόν, ἀφίχθη χθὲς τὴν πρωΐαν εἰς Ἀθήνας ἐκ Χαλκίδος ὁ ἥρως τοῦ Ῥεβενίου καὶ Βελεστίνου στρατηγὸς Σμολένσκης.

Ὁ κόσμος ἀντιληφθεὶς ἐν τῷ

τὶς καὶ νὰ ἐξεγείρῃ ἐθνικὴν ἑαυτὸν πανηγύρικα ἐνθουσιασμοῦ, ἐφ' ὅσον ἐνεφάνηση ὁ Ἀρχηγός Σλάβων.

Διὰ τὸν κληρονόμον Πέτρου τοῦ Μεγάλου ἐσήμανεν ἡ ὥρα ὑψίστων ἀποφάσεων. Ἐὰν ἡ Τουρκία ἐμμένῃ ἰσχυρογνωμόνως εἰς τὰς ὑπερβολικὰς ἀπαιτήσεις τῆς ταχέως ἡ πυρίτις θὰ ἐμπλήσῃ μεγαλοπρεπέστερον παρὰ ἡ Βλάχικα εἰς τὰ ὀνόματα τῆς Ἀρμενίας καὶ εἰς τὰς ἔχθρας τοῦ Δουνάβεως. Ἡ ὁποιονεὶ τῆς Ῥωσίας ποτὲ δὲν εἶνε ἀποκαρτέρησις. Ἡ παρασιωπὴ τῆς δὲν εἶνε ποτὲ παραίτησις. Σπανίως ὁμιλεῖ εἰς μάτην. Καὶ ὅταν ὁ Τσάρος ὁμιλήσῃ ..

σιδηροδρομικὸν σταθμὸν τὴν ἐλευσιν τοῦ ἠκολούθησε τὸν φέρουσαν τὸν στρατηγὸν ἅμαξαν, κατόπιν δὲ ἀθρόος συνέρρευσε καταπλάσας τὴν ὁδὸν Γεωργίου Σταύρου ἐν τῇ ὁποίᾳ εὑρίσκεται ἡ οἰκία του, κατάλυσε διὰ τῆς ἐκλήσης ἐνιὴ ἀλίζετο καὶ ἡ σπάζετο τὰς χεῖρας του. Μετ' ὀλίγον ἐξῆλθεν ὁ στρατηγὸς εἰς τὸν ἐξώστην του συνηφθέντος εἰς τὸ πλῆθος εἴπεν ὅτι ἐξεπλήρωσε τὸ πρὸς τῆς πατρίδα καθῆκον του. Φωνήσας τὰ τῆς ζήτω ν' ἐπανέλθῃ, μεθ' ὃ ὁ στρατηγὸς εἰσῆλθεν εἰς τὸν οἰκόν του καὶ τὸ πλῆθος διελύθη.

Ἡ πρωτεύουσα χαιρετίζει ἀπὸ καρδίας τὴν ἐλευσιν τοῦ τὸ πλέον λαμπρὸν τὸν ἑλληνικὰ ἐπλασετοῦ στρατηγόν, διὰ τὴν ἐκπλήρωσιν τοῦ πρὸς τῆς πατρίδα καθήκοντος.

Ὁ στρατηγὸς ἀφίκετο διὰ λόγους ὑγιεινούς.

ΤΟ ΑΥΤΟΝΟΜΙΑΚΟΝ ΠΟΛΙΤΕΥΜΑ
ΤΗΣ ΚΡΗΤΗΣ
Ἡ ἀποδοχὴ τῶν προτάσεων τῆς Γαλλίας
(Ἐθνικὸν Πρακτορεῖον)

ΛΟΝΔΙΝΟΝ, 4 Ἰουνίου. — Ἡ «Σημαία» τηλεγραφοῦσα ἐκ Βιέννης, λέγει, ὅτι ἡ πλειονότης τῶν Μεγ. Δυνάμεων ἀπεδέχθη τὰς προτάσεις τῆς Γαλλίας τὰς ἀφορώσας τὸ αὐτονομιακὸν πολίτευμα τῆς Κρήτης.

ΤΟ ΚΡΗΤΙΚΟΝ ΔΑΝΕΙΟΝ
Αἱ ἐγγυήσεις αὐτοῦ
(Ἐθνικὸν Πρακτορεῖον)

ΛΟΝΔΙΝΟΝ. 4 Ἰουν. Ὁ «Ἡμερήσιος Τηλέγραφος» βεβαιοῖ, ὅτι τὸ δάνειον τὸ προτεθὲν διὰ τὴν Κρήτην θὰ ἐξασφαλισθῇ οὐχὶ ὑπὸ τῶν Μεγ. Δυνάμεων, ἀλλὰ ὑπὸ προσόδων τῆς νήσου διαχειρισθησομένων ὑπὸ ὁ ἐθνῶν συμβουλίου.

Η ΑΝΤΑΛΛΑΓΗ ΤΩΝ ΑΙΧΜΑΛΩΤΩΝ
Αἱ διεξαγόμεναι συνεννοήσεις

Κατὰ τὰς πληροφορίας τῆς Κυβερνήσεως αἱ συνεννοήσεις τῶν ἐν Ἄρτῃ καὶ Φιλιππιάδι ἀρχηγείων μετὰ τῶν τούρκων, αἱ ἀφορῶσαι τὴν ἀνταλλαγὴν τῶν αἰχμαλώτων ἐξακολουθοῦσιν εἰσέτι.

Οἱ τοῦρκοι ἐζήτησαν κατάλογον τῶν παρὰ τῶν Ἑλλήνων συλληφθέντων αἰχμαλώτων, ἀφοῦ ἔπεμψαν κατάλογον τῶν παρ' αὐτοῖς καὶ τοῖς ἡμετέροις.

Ἐκ τοῦ Πρακτορείου ὅμως τούτου προκύπτει ὅτι οἱ τοῦρκοι κρατοῦσιν ὡς ἑλληνας στρατιώτας καὶ χωρικοὺς Θεσσαλοὺς καὶ ἀντάρτας, τοὺς ὁποίους ἀφοῦ περιέφεραν ὡς τρόπαια ἐπέσκεψαν τῶν γενικῶν περὶ τούτου ἀπολογίας τῶν ἑλλήνων αἰχμαλώτων τῶν ὁποίων δὲν εἶνε ἐγκαταλείψεις τὰ ἀρχεῖα τῶν.

Ο ΤΗΣ ΚΡΗΤΗΣ ΓΕΝΙΚΟΣ ΔΙΟΙΚΗΤΗΣ
Τὸ ζήτημα τῆς ἐκλογῆς του
(Ἐθνικὸν πρακτορεῖον)

ΛΟΝΔΙΝΟΝ, 4 Ἰουνίου. Τηλεγραφοῦσιν ἐκ Χανίων εἰς τὴν «Σημαίαν» ὅτι οἱ Κρῆτες ἐπιμένουσιν εἰς τὴν ἐξίωσιν ὅπως ἡ ἐκλογὴ τοῦ Γενικοῦ Διοικητοῦ τῆς νήσου ὑποβάλλεται εἰς τὴν ἔγκρισίν των.

ΑΡΠΑΓΑΙ ΕΝ ΘΕΣΣΑΛΙΑ
Τὰ κτήνη τοῦ δημάρχου Τιτανίου. — Ἄλλαι διαρπαγαὶ καὶ πυρπολήσεις

Περὶ ἐπιδέσεων ἐλθόντες ἐκ Καρδίτσης ἐγνώσθη ὅτι ὁ τούρκος Ὀμὲρ Χασὰν μπέης μεταβὰς εἰς τὸ χωρίον Πελαμᾶ τοῦ δήμου Τιτανίου ἐπέτρεψε τὰ κτήνη τοῦ δημάρχου Γκιουλίκα καὶ Λάμπου Παλπτάκα, ὡς καὶ τοῦ Βασ. Φαλάγκα καὶ ἐπιστρέψη αὐτὰ εἰς Λάρισαν, ἐν ᾧ
